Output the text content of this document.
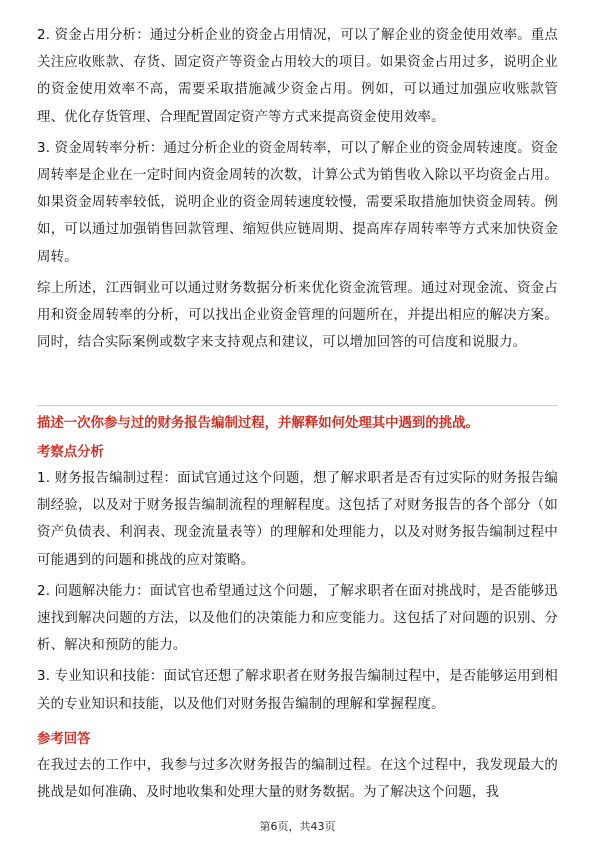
2. 资金占用分析：通过分析企业的资金占用情况，可以了解企业的资金使用效率。重点关注应收账款、存货、固定资产等资金占用较大的项目。如果资金占用过多，说明企业的资金使用效率不高，需要采取措施减少资金占用。例如，可以通过加强应收账款管理、优化存货管理、合理配置固定资产等方式来提高资金使用效率。

3. 资金周转率分析：通过分析企业的资金周转率，可以了解企业的资金周转速度。资金周转率是企业在一定时间内资金周转的次数，计算公式为销售收入除以平均资金占用。如果资金周转率较低，说明企业的资金周转速度较慢，需要采取措施加快资金周转。例如，可以通过加强销售回款管理、缩短供应链周期、提高库存周转率等方式来加快资金周转。

综上所述，江西铜业可以通过财务数据分析来优化资金流管理。通过对现金流、资金占用和资金周转率的分析，可以找出企业资金管理的问题所在，并提出相应的解决方案。同时，结合实际案例或数字来支持观点和建议，可以增加回答的可信度和说服力。

描述一次你参与过的财务报告编制过程，并解释如何处理其中遇到的挑战。

考察点分析

1. 财务报告编制过程：面试官通过这个问题，想了解求职者是否有过实际的财务报告编制经验，以及对于财务报告编制流程的理解程度。这包括了对财务报告的各个部分（如资产负债表、利润表、现金流量表等）的理解和处理能力，以及对财务报告编制过程中可能遇到的问题和挑战的应对策略。

2. 问题解决能力：面试官也希望通过这个问题，了解求职者在面对挑战时，是否能够迅速找到解决问题的方法，以及他们的决策能力和应变能力。这包括了对问题的识别、分析、解决和预防的能力。

3. 专业知识和技能：面试官还想了解求职者在财务报告编制过程中，是否能够运用到相关的专业知识和技能，以及他们对财务报告编制的理解和掌握程度。

参考回答

在我过去的工作中，我参与过多次财务报告的编制过程。在这个过程中，我发现最大的挑战是如何准确、及时地收集和处理大量的财务数据。为了解决这个问题，我

第6页，共43页
